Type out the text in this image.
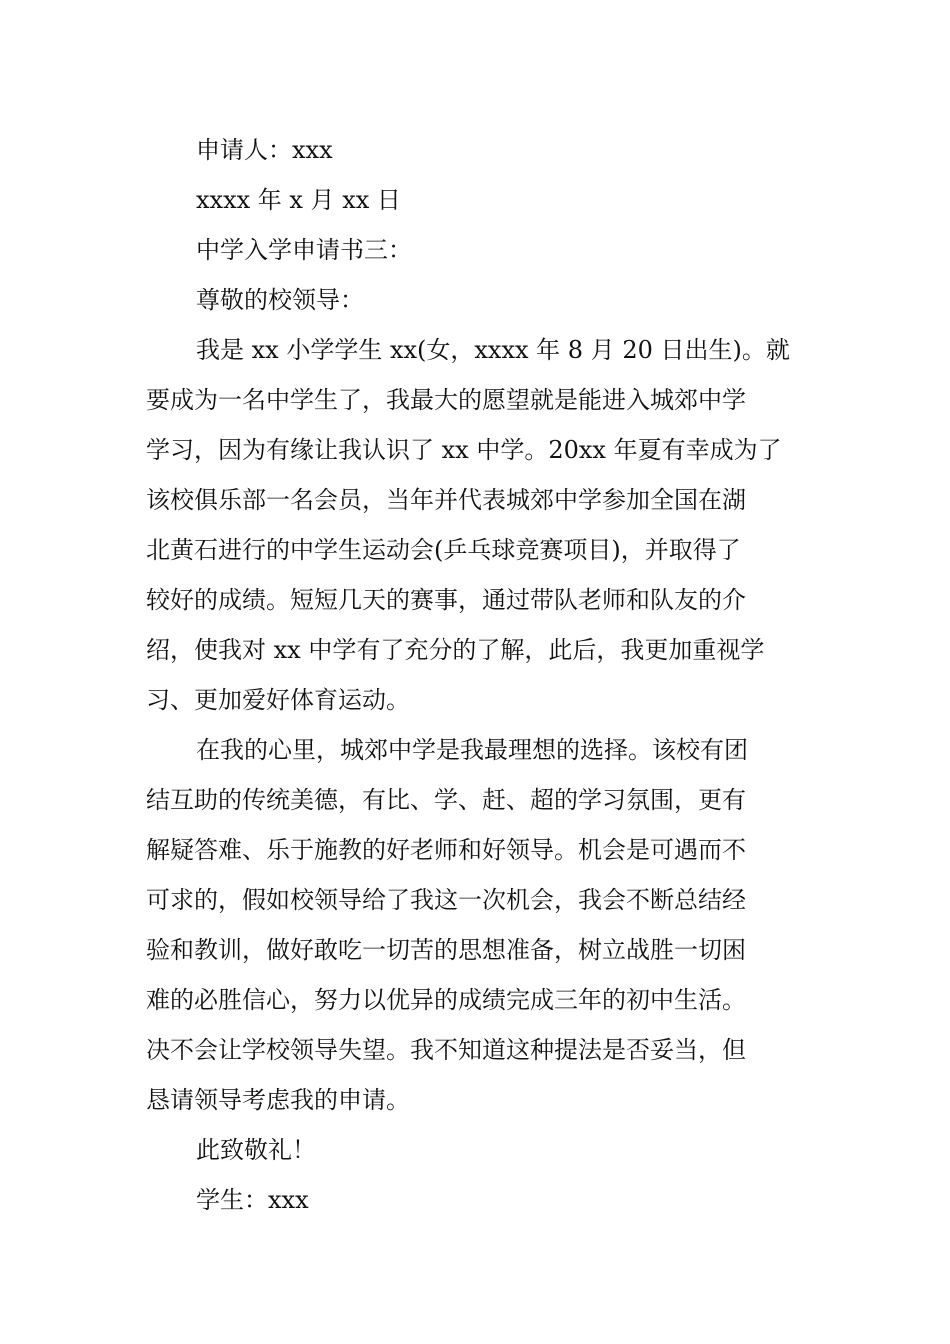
申请人：xxx
xxxx 年 x 月 xx 日
中学入学申请书三：
尊敬的校领导：
我是 xx 小学学生 xx(女，xxxx 年 8 月 20 日出生)。就
要成为一名中学生了，我最大的愿望就是能进入城郊中学
学习，因为有缘让我认识了 xx 中学。20xx 年夏有幸成为了
该校俱乐部一名会员，当年并代表城郊中学参加全国在湖
北黄石进行的中学生运动会(乒乓球竞赛项目)，并取得了
较好的成绩。短短几天的赛事，通过带队老师和队友的介
绍，使我对 xx 中学有了充分的了解，此后，我更加重视学
习、更加爱好体育运动。
在我的心里，城郊中学是我最理想的选择。该校有团
结互助的传统美德，有比、学、赶、超的学习氛围，更有
解疑答难、乐于施教的好老师和好领导。机会是可遇而不
可求的，假如校领导给了我这一次机会，我会不断总结经
验和教训，做好敢吃一切苦的思想准备，树立战胜一切困
难的必胜信心，努力以优异的成绩完成三年的初中生活。
决不会让学校领导失望。我不知道这种提法是否妥当，但
恳请领导考虑我的申请。
此致敬礼！
学生：xxx
